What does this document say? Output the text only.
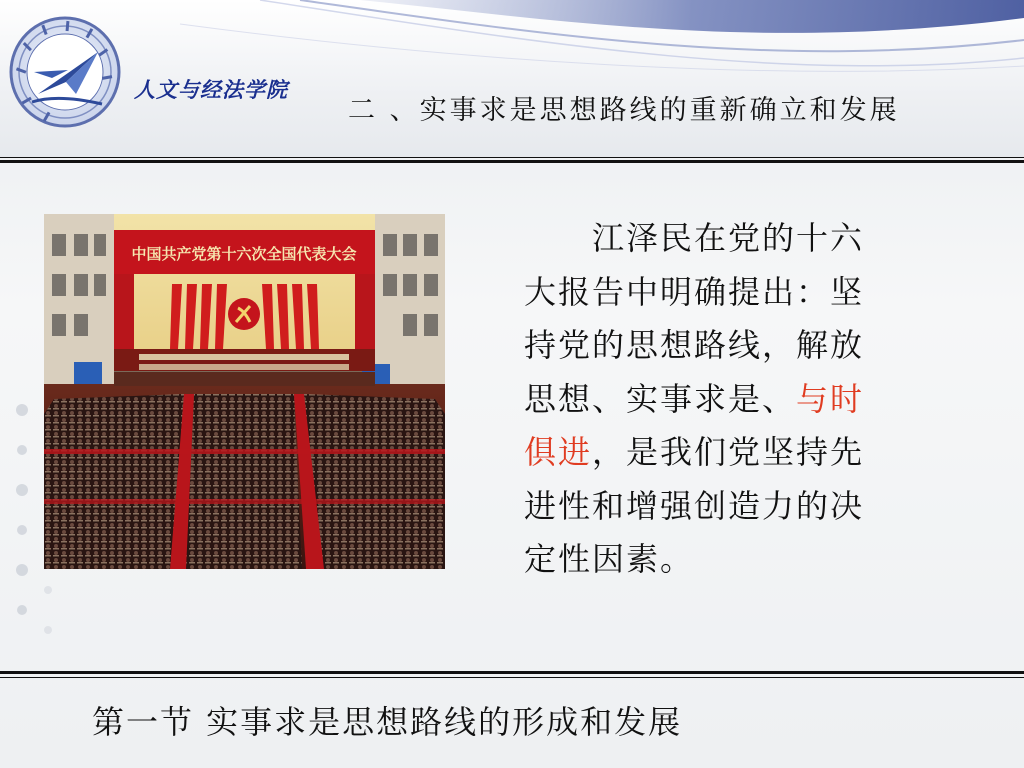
人文与经法学院
二 、实事求是思想路线的重新确立和发展
中国共产党第十六次全国代表大会
　　	江泽民在党的十六
大报告中明确提出：坚
持党的思想路线，解放
思想、实事求是、与时
俱进，是我们党坚持先
进性和增强创造力的决
定性因素。
第一节 实事求是思想路线的形成和发展
